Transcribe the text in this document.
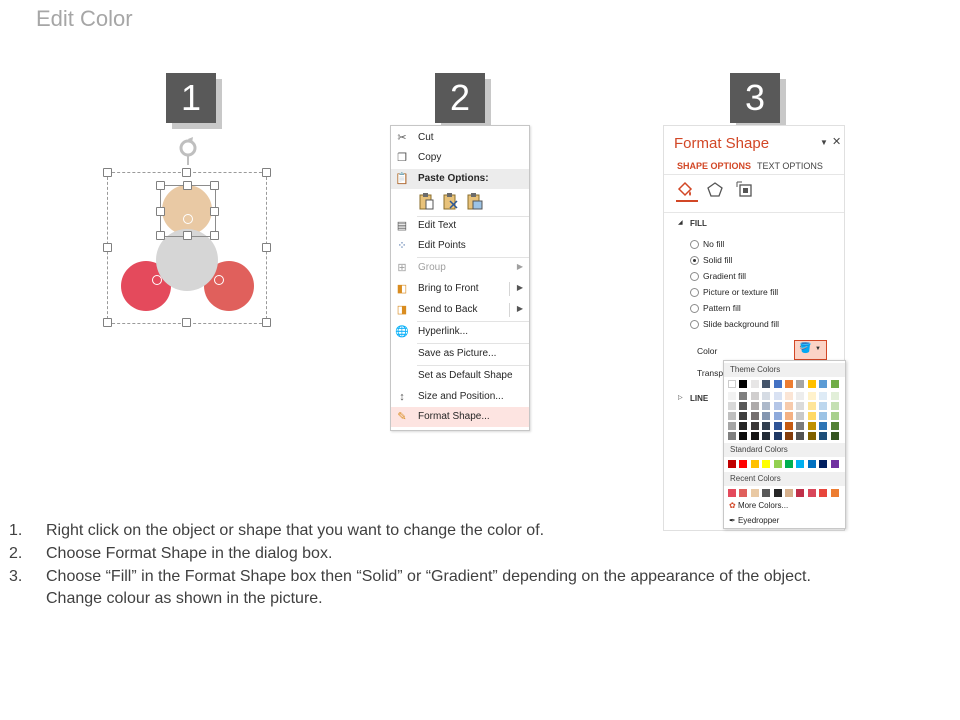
Edit Color
1	2	3
✂ Cut
❐ Copy
📋 Paste Options:
▤ Edit Text
⁘ Edit Points
⊞ Group	▶
◧ Bring to Front	▶
◨ Send to Back	▶
🌐 Hyperlink...
Save as Picture...
Set as Default Shape
↕	Size and Position...
✎ Format Shape...
Format Shape	▼ ✕
SHAPE OPTIONS TEXT OPTIONS
◢ FILL
No fill
Solid fill
Gradient fill
Picture or texture fill
Pattern fill
Slide background fill
Color	🪣 ▼
Transp
▷ LINE
Theme Colors
Standard Colors
Recent Colors
✿ More Colors...
✒ Eyedropper
1. Right click on the object or shape that you want to change the color of.
2. Choose Format Shape in the dialog box.
3. Choose “Fill” in the Format Shape box then “Solid” or “Gradient” depending on the appearance of the object.
Change colour as shown in the picture.
